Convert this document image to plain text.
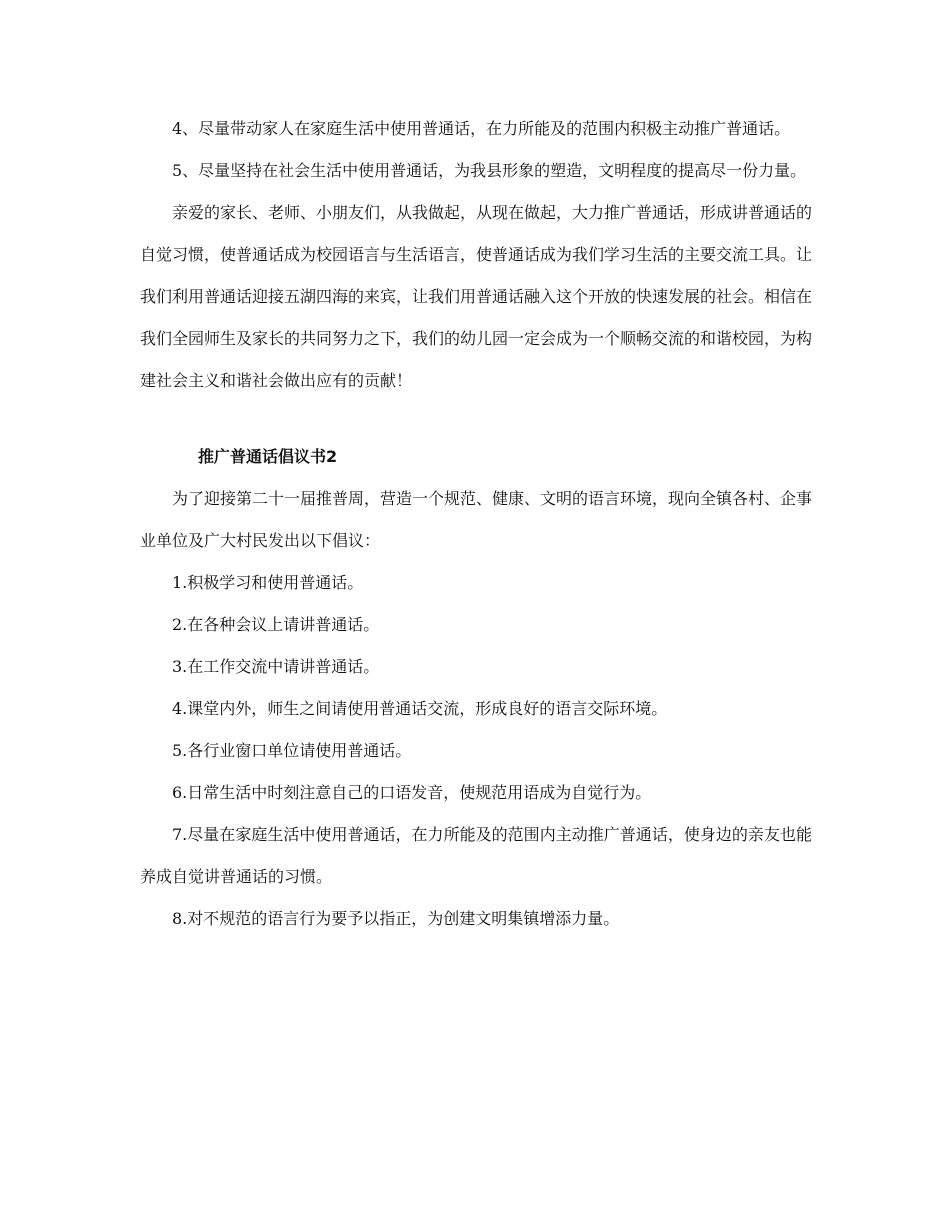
4、尽量带动家人在家庭生活中使用普通话，在力所能及的范围内积极主动推广普通话。

5、尽量坚持在社会生活中使用普通话，为我县形象的塑造，文明程度的提高尽一份力量。

亲爱的家长、老师、小朋友们，从我做起，从现在做起，大力推广普通话，形成讲普通话的自觉习惯，使普通话成为校园语言与生活语言，使普通话成为我们学习生活的主要交流工具。让我们利用普通话迎接五湖四海的来宾，让我们用普通话融入这个开放的快速发展的社会。相信在我们全园师生及家长的共同努力之下，我们的幼儿园一定会成为一个顺畅交流的和谐校园，为构建社会主义和谐社会做出应有的贡献！

推广普通话倡议书2

为了迎接第二十一届推普周，营造一个规范、健康、文明的语言环境，现向全镇各村、企事业单位及广大村民发出以下倡议：

1.积极学习和使用普通话。

2.在各种会议上请讲普通话。

3.在工作交流中请讲普通话。

4.课堂内外，师生之间请使用普通话交流，形成良好的语言交际环境。

5.各行业窗口单位请使用普通话。

6.日常生活中时刻注意自己的口语发音，使规范用语成为自觉行为。

7.尽量在家庭生活中使用普通话，在力所能及的范围内主动推广普通话，使身边的亲友也能养成自觉讲普通话的习惯。

8.对不规范的语言行为要予以指正，为创建文明集镇增添力量。
